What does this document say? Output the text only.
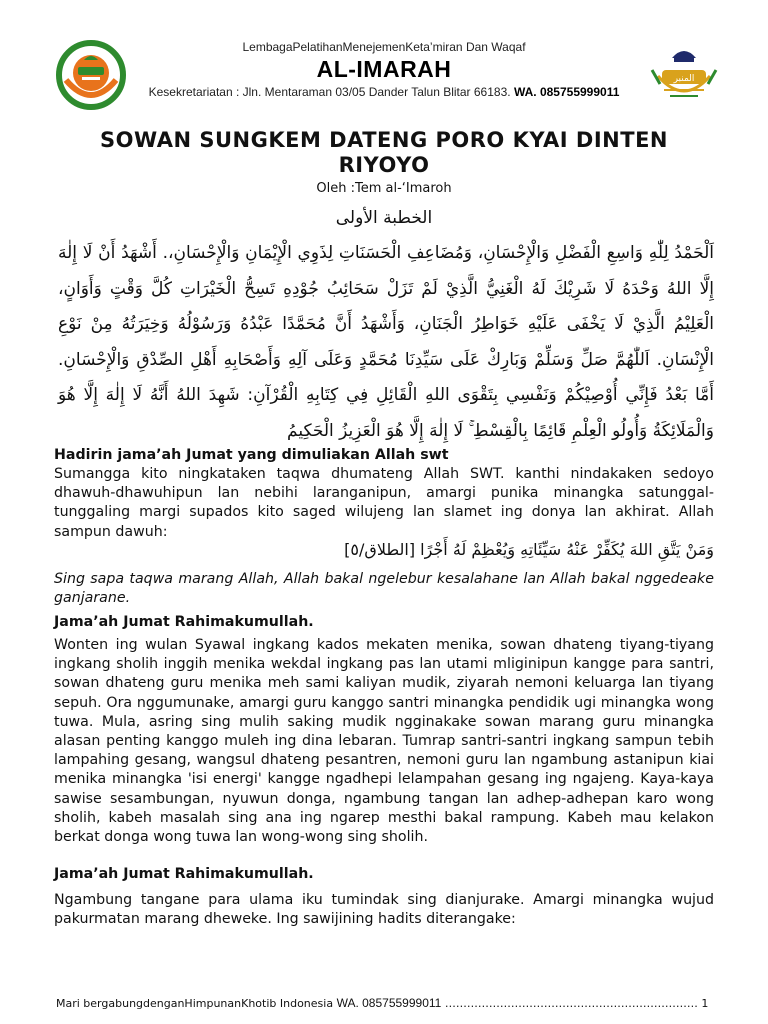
المنبر
LembagaPelatihanMenejemenKeta’miran Dan Waqaf
AL-IMARAH
Kesekretariatan : Jln. Mentaraman 03/05 Dander Talun Blitar 66183. WA. 085755999011
SOWAN SUNGKEM DATENG PORO KYAI DINTEN RIYOYO
Oleh :Tem al-‘Imaroh
الخطبة الأولى
اَلْحَمْدُ لِلّٰهِ وَاسِعِ الْفَضْلِ وَالْإِحْسَانِ، وَمُضَاعِفِ الْحَسَنَاتِ لِذَوِي الْإِيْمَانِ وَالْإِحْسَانِ،. أَشْهَدُ أَنْ لَا إِلٰهَ إِلَّا اللهُ وَحْدَهُ لَا شَرِيْكَ لَهُ الْغَنِيُّ الَّذِيْ لَمْ تَزَلْ سَحَائِبُ جُوْدِهِ تَسِحُّ الْخَيْرَاتِ كُلَّ وَقْتٍ وَأَوَانٍ، الْعَلِيْمُ الَّذِيْ لَا يَخْفَى عَلَيْهِ خَوَاطِرُ الْجَنَانِ، وَأَشْهَدُ أَنَّ مُحَمَّدًا عَبْدُهُ وَرَسُوْلُهُ وَخِيَرَتُهُ مِنْ نَوْعِ الْإِنْسَانِ. اَللّٰهُمَّ صَلِّ وَسَلِّمْ وَبَارِكْ عَلَى سَيِّدِنَا مُحَمَّدٍ وَعَلَى آلِهِ وَأَصْحَابِهِ أَهْلِ الصِّدْقِ وَالْإِحْسَانِ. أَمَّا بَعْدُ فَإِنِّي أُوْصِيْكُمْ وَنَفْسِي بِتَقْوَى اللهِ الْقَائِلِ فِي كِتَابِهِ الْقُرْآنِ: شَهِدَ اللهُ أَنَّهُ لَا إِلٰهَ إِلَّا هُوَ وَالْمَلَائِكَةُ وَأُولُو الْعِلْمِ قَائِمًا بِالْقِسْطِ ۚ لَا إِلٰهَ إِلَّا هُوَ الْعَزِيزُ الْحَكِيمُ
Hadirin jama’ah Jumat yang dimuliakan Allah swt
Sumangga kito ningkataken taqwa dhumateng Allah SWT. kanthi nindakaken sedoyo dhawuh-dhawuhipun lan nebihi laranganipun, amargi punika minangka satunggal-tunggaling margi supados kito saged wilujeng lan slamet ing donya lan akhirat. Allah sampun dawuh:
وَمَنْ يَتَّقِ اللهَ يُكَفِّرْ عَنْهُ سَيِّئَاتِهِ وَيُعْظِمْ لَهُ أَجْرًا [الطلاق/٥]
Sing sapa taqwa marang Allah, Allah bakal ngelebur kesalahane lan Allah bakal nggedeake ganjarane.
Jama’ah Jumat Rahimakumullah.
Wonten ing wulan Syawal ingkang kados mekaten menika, sowan dhateng tiyang-tiyang ingkang sholih inggih menika wekdal ingkang pas lan utami mliginipun kangge para santri, sowan dhateng guru menika meh sami kaliyan mudik, ziyarah nemoni keluarga lan tiyang sepuh. Ora nggumunake, amargi guru kanggo santri minangka pendidik ugi minangka wong tuwa. Mula, asring sing mulih saking mudik ngginakake sowan marang guru minangka alasan penting kanggo muleh ing dina lebaran. Tumrap santri-santri ingkang sampun tebih lampahing gesang, wangsul dhateng pesantren, nemoni guru lan ngambung astanipun kiai menika minangka 'isi energi' kangge ngadhepi lelampahan gesang ing ngajeng. Kaya-kaya sawise sesambungan, nyuwun donga, ngambung tangan lan adhep-adhepan karo wong sholih, kabeh masalah sing ana ing ngarep mesthi bakal rampung. Kabeh mau kelakon berkat donga wong tuwa lan wong-wong sing sholih.
Jama’ah Jumat Rahimakumullah.
Ngambung tangane para ulama iku tumindak sing dianjurake. Amargi minangka wujud pakurmatan marang dheweke. Ing sawijining hadits diterangake:
Mari bergabungdenganHimpunanKhotib Indonesia WA. 085755999011 …………………………………………………………… 1
